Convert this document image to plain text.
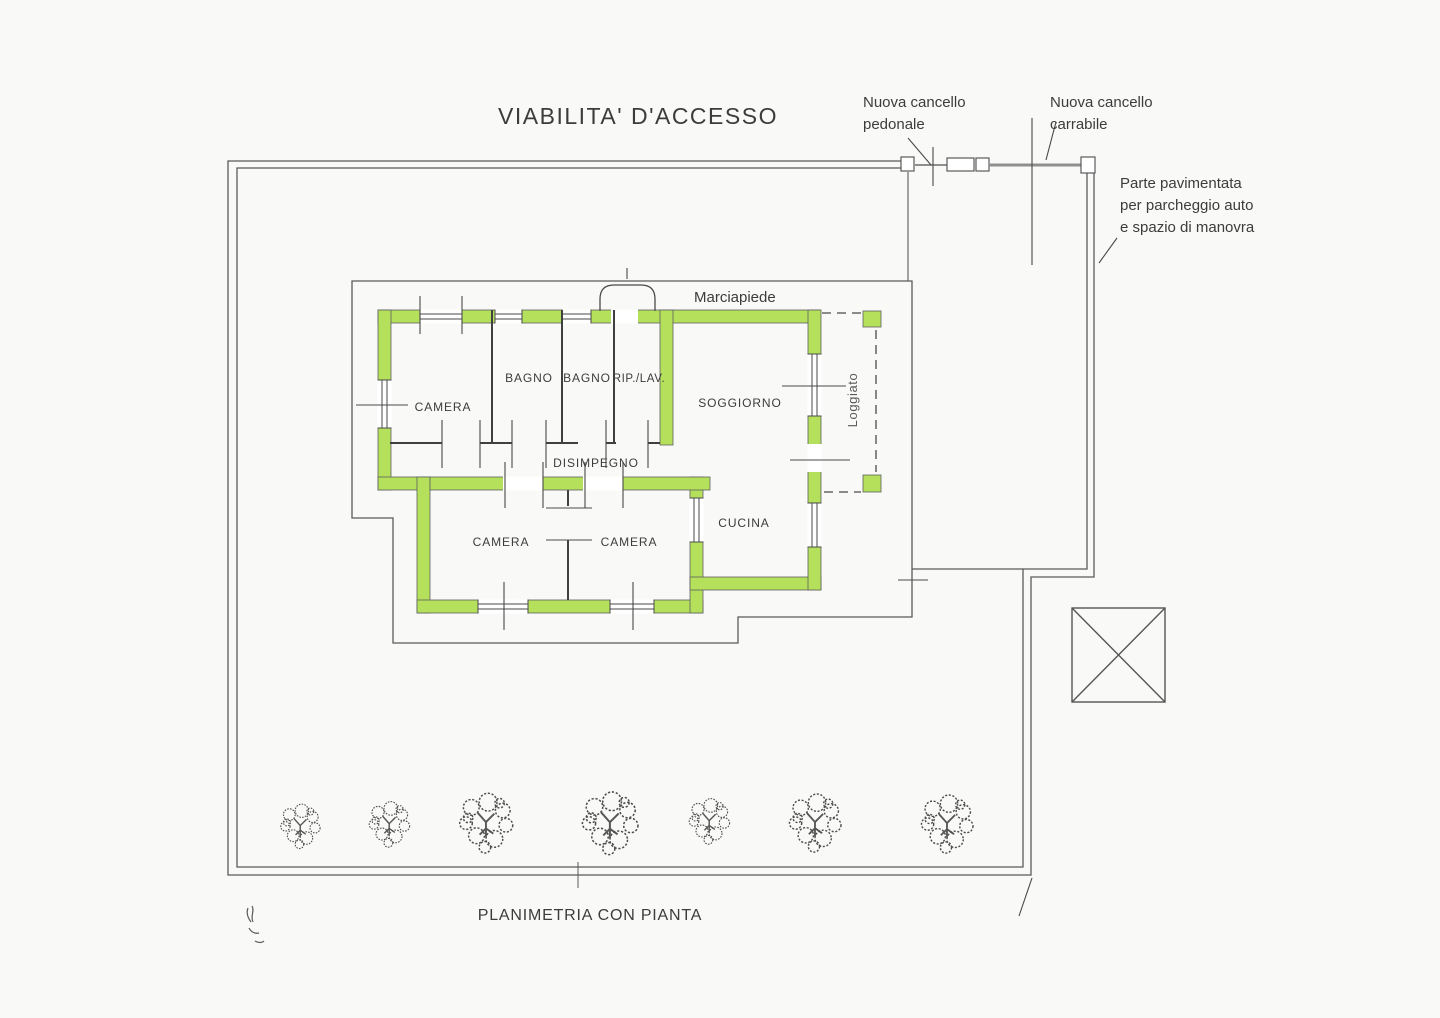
VIABILITA' D'ACCESSO
Nuova cancello
pedonale
Nuova cancello
carrabile
Parte pavimentata
per parcheggio auto
e spazio di manovra
CAMERA
BAGNO BAGNO RIP./LAV.
SOGGIORNO
DISIMPEGNO
CAMERA	CAMERA
CUCINA
Marciapiede
Loggiato
PLANIMETRIA CON PIANTA
